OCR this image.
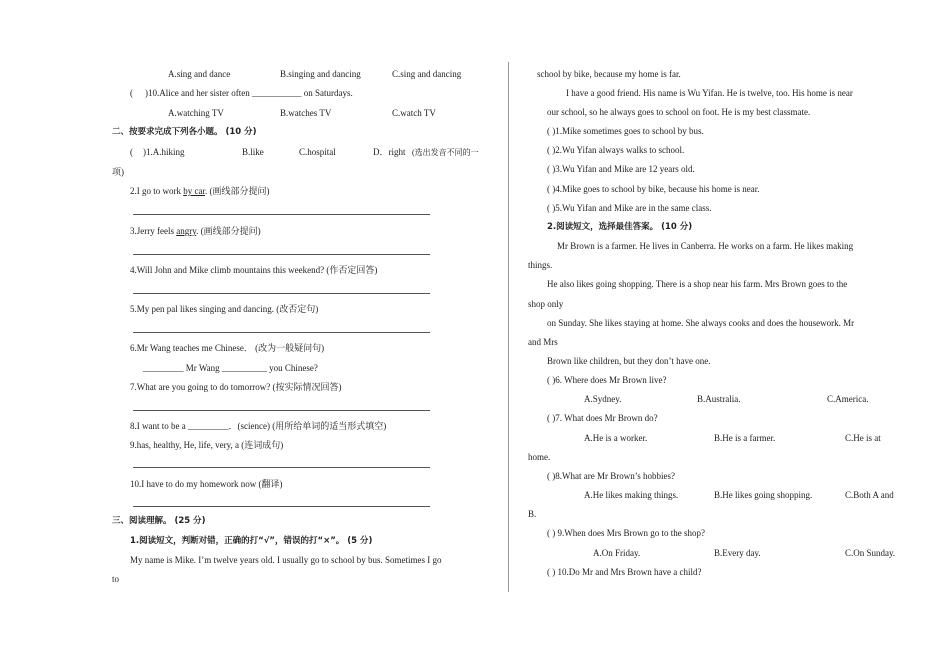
A.sing and dance	B.singing and dancing	C.sing and dancing
( )10.Alice and her sister often ___________ on Saturdays.
A.watching TV	B.watches TV	C.watch TV
二、按要求完成下列各小题。 (10 分)
( )1.A.hiking	B.like	C.hospital	D．right (选出发音不同的一
项)
2.I go to work by car. (画线部分提问)
3.Jerry feels angry. (画线部分提问)
4.Will John and Mike climb mountains this weekend? (作否定回答)
5.My pen pal likes singing and dancing. (改否定句)
6.Mr Wang teaches me Chinese． (改为一般疑问句)
_________ Mr Wang __________ you Chinese?
7.What are you going to do tomorrow? (按实际情况回答)
8.I want to be a _________．(science) (用所给单词的适当形式填空)
9.has, healthy, He, life, very, a (连词成句)
10.I have to do my homework now (翻译)
三、阅读理解。 (25 分)
1.阅读短文，判断对错，正确的打“√”，错误的打“×”。 (5 分)
My name is Mike. I’m twelve years old. I usually go to school by bus. Sometimes I go
to
school by bike, because my home is far.
I have a good friend. His name is Wu Yifan. He is twelve, too. His home is near
our school, so he always goes to school on foot. He is my best classmate.
( )1.Mike sometimes goes to school by bus.
( )2.Wu Yifan always walks to school.
( )3.Wu Yifan and Mike are 12 years old.
( )4.Mike goes to school by bike, because his home is near.
( )5.Wu Yifan and Mike are in the same class.
2.阅读短文，选择最佳答案。 (10 分)
Mr Brown is a farmer. He lives in Canberra. He works on a farm. He likes making
things.
He also likes going shopping. There is a shop near his farm. Mrs Brown goes to the
shop only
on Sunday. She likes staying at home. She always cooks and does the housework. Mr
and Mrs
Brown like children, but they don’t have one.
( )6. Where does Mr Brown live?
A.Sydney.	B.Australia.	C.America.
( )7. What does Mr Brown do?
A.He is a worker.	B.He is a farmer.	C.He is at
home.
( )8.What are Mr Brown’s hobbies?
A.He likes making things.	B.He likes going shopping.	C.Both A and
B.
( ) 9.When does Mrs Brown go to the shop?
A.On Friday.	B.Every day.	C.On Sunday.
( ) 10.Do Mr and Mrs Brown have a child?
